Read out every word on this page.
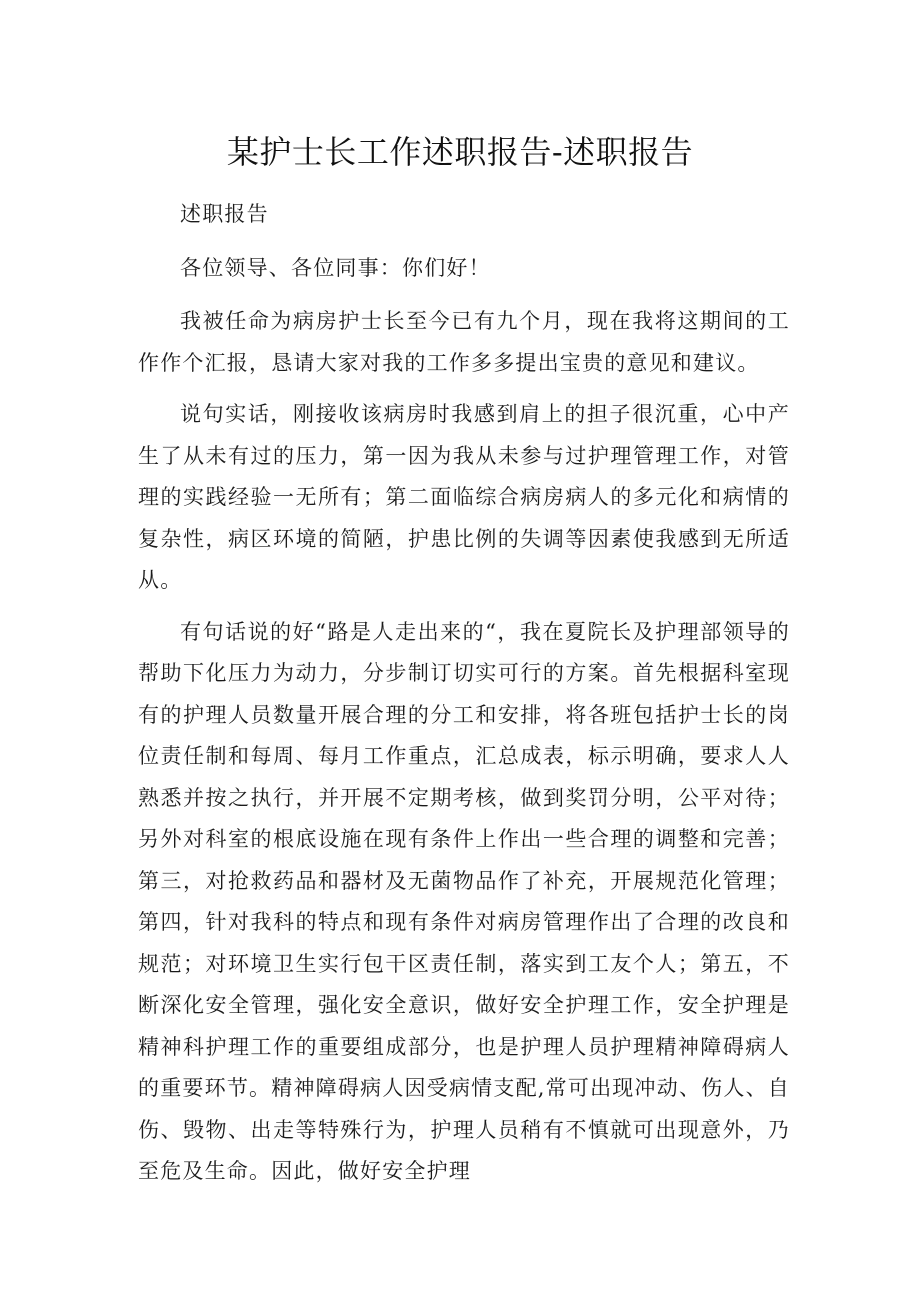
某护士长工作述职报告-述职报告

述职报告

各位领导、各位同事：你们好！

我被任命为病房护士长至今已有九个月，现在我将这期间的工作作个汇报，恳请大家对我的工作多多提出宝贵的意见和建议。

说句实话，刚接收该病房时我感到肩上的担子很沉重，心中产生了从未有过的压力，第一因为我从未参与过护理管理工作，对管理的实践经验一无所有；第二面临综合病房病人的多元化和病情的复杂性，病区环境的简陋，护患比例的失调等因素使我感到无所适从。

有句话说的好“路是人走出来的“，我在夏院长及护理部领导的帮助下化压力为动力，分步制订切实可行的方案。首先根据科室现有的护理人员数量开展合理的分工和安排，将各班包括护士长的岗位责任制和每周、每月工作重点，汇总成表，标示明确，要求人人熟悉并按之执行，并开展不定期考核，做到奖罚分明，公平对待；另外对科室的根底设施在现有条件上作出一些合理的调整和完善；第三，对抢救药品和器材及无菌物品作了补充，开展规范化管理；第四，针对我科的特点和现有条件对病房管理作出了合理的改良和规范；对环境卫生实行包干区责任制，落实到工友个人；第五，不断深化安全管理，强化安全意识，做好安全护理工作，安全护理是精神科护理工作的重要组成部分，也是护理人员护理精神障碍病人的重要环节。精神障碍病人因受病情支配,常可出现冲动、伤人、自伤、毁物、出走等特殊行为，护理人员稍有不慎就可出现意外，乃至危及生命。因此，做好安全护理
